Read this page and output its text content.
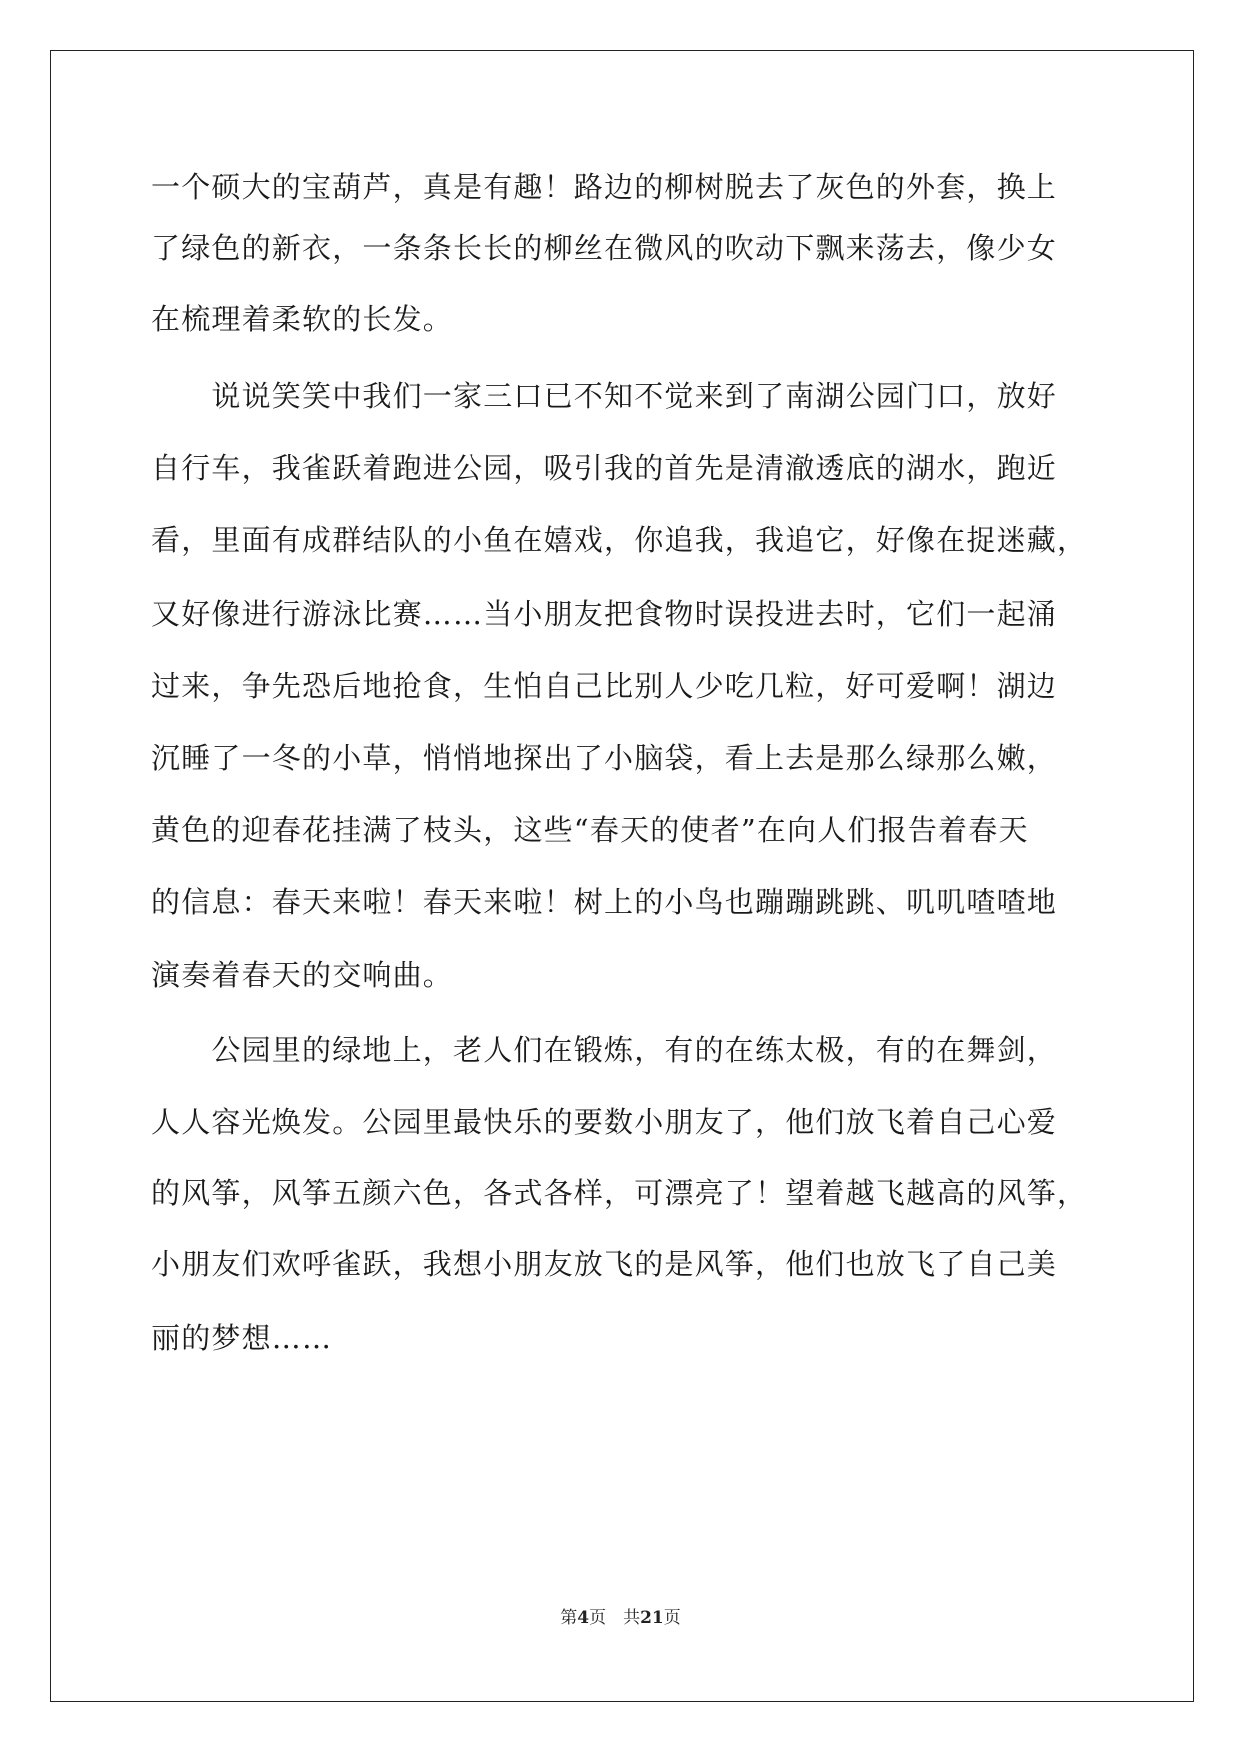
一个硕大的宝葫芦，真是有趣！路边的柳树脱去了灰色的外套，换上

了绿色的新衣，一条条长长的柳丝在微风的吹动下飘来荡去，像少女

在梳理着柔软的长发。

　　说说笑笑中我们一家三口已不知不觉来到了南湖公园门口，放好

自行车，我雀跃着跑进公园，吸引我的首先是清澈透底的湖水，跑近

看，里面有成群结队的小鱼在嬉戏，你追我，我追它，好像在捉迷藏，

又好像进行游泳比赛……当小朋友把食物时误投进去时，它们一起涌

过来，争先恐后地抢食，生怕自己比别人少吃几粒，好可爱啊！湖边

沉睡了一冬的小草，悄悄地探出了小脑袋，看上去是那么绿那么嫩，

黄色的迎春花挂满了枝头，这些“春天的使者”在向人们报告着春天

的信息：春天来啦！春天来啦！树上的小鸟也蹦蹦跳跳、叽叽喳喳地

演奏着春天的交响曲。

　　公园里的绿地上，老人们在锻炼，有的在练太极，有的在舞剑，

人人容光焕发。公园里最快乐的要数小朋友了，他们放飞着自己心爱

的风筝，风筝五颜六色，各式各样，可漂亮了！望着越飞越高的风筝，

小朋友们欢呼雀跃，我想小朋友放飞的是风筝，他们也放飞了自己美

丽的梦想……

第4页　 共21页
